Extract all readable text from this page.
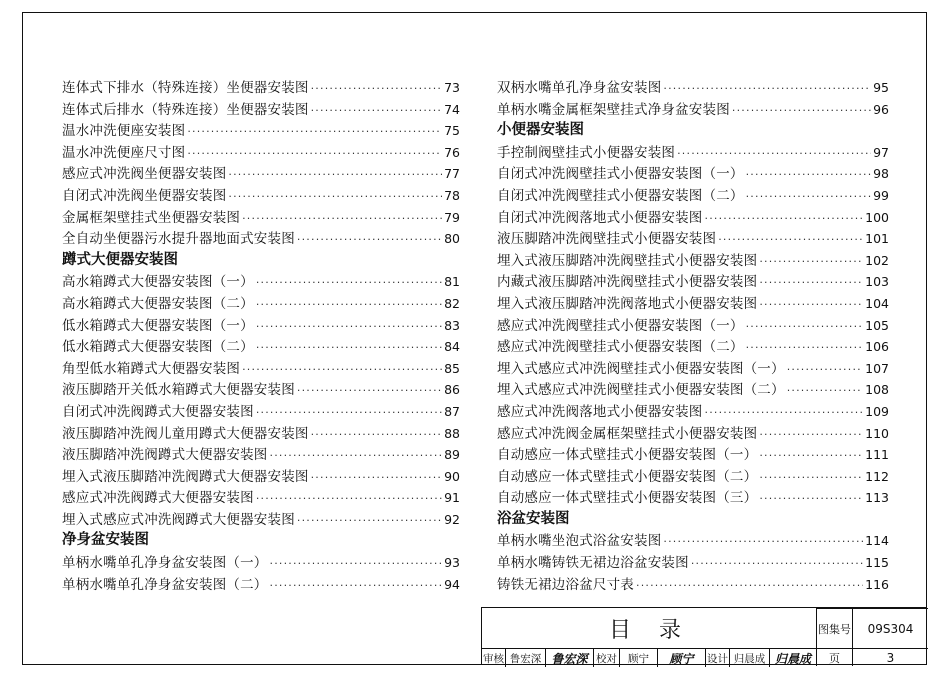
连体式下排水（特殊连接）坐便器安装图 ·····	73
连体式后排水（特殊连接）坐便器安装图 ·····	74
温水冲洗便座安装图 ·····	75
温水冲洗便座尺寸图 ·····	76
感应式冲洗阀坐便器安装图 ·····	77
自闭式冲洗阀坐便器安装图 ·····	78
金属框架壁挂式坐便器安装图 ·····	79
全自动坐便器污水提升器地面式安装图 ·····	80
蹲式大便器安装图
高水箱蹲式大便器安装图（一） ·····	81
高水箱蹲式大便器安装图（二） ·····	82
低水箱蹲式大便器安装图（一） ·····	83
低水箱蹲式大便器安装图（二） ·····	84
角型低水箱蹲式大便器安装图 ·····	85
液压脚踏开关低水箱蹲式大便器安装图 ·····	86
自闭式冲洗阀蹲式大便器安装图 ·····	87
液压脚踏冲洗阀儿童用蹲式大便器安装图 ·····	88
液压脚踏冲洗阀蹲式大便器安装图 ·····	89
埋入式液压脚踏冲洗阀蹲式大便器安装图 ·····	90
感应式冲洗阀蹲式大便器安装图 ·····	91
埋入式感应式冲洗阀蹲式大便器安装图 ·····	92
净身盆安装图
单柄水嘴单孔净身盆安装图（一） ·····	93
单柄水嘴单孔净身盆安装图（二） ·····	94
双柄水嘴单孔净身盆安装图 ·····	95
单柄水嘴金属框架壁挂式净身盆安装图 ·····	96
小便器安装图
手控制阀壁挂式小便器安装图 ·····	97
自闭式冲洗阀壁挂式小便器安装图（一） ·····	98
自闭式冲洗阀壁挂式小便器安装图（二） ·····	99
自闭式冲洗阀落地式小便器安装图 ·····	100
液压脚踏冲洗阀壁挂式小便器安装图 ·····	101
埋入式液压脚踏冲洗阀壁挂式小便器安装图 ·····	102
内藏式液压脚踏冲洗阀壁挂式小便器安装图 ·····	103
埋入式液压脚踏冲洗阀落地式小便器安装图 ·····	104
感应式冲洗阀壁挂式小便器安装图（一） ·····	105
感应式冲洗阀壁挂式小便器安装图（二） ·····	106
埋入式感应式冲洗阀壁挂式小便器安装图（一） ·····	107
埋入式感应式冲洗阀壁挂式小便器安装图（二） ·····	108
感应式冲洗阀落地式小便器安装图 ·····	109
感应式冲洗阀金属框架壁挂式小便器安装图 ·····	110
自动感应一体式壁挂式小便器安装图（一） ·····	111
自动感应一体式壁挂式小便器安装图（二） ·····	112
自动感应一体式壁挂式小便器安装图（三） ·····	113
浴盆安装图
单柄水嘴坐泡式浴盆安装图 ·····	114
单柄水嘴铸铁无裙边浴盆安装图 ·····	115
铸铁无裙边浴盆尺寸表 ·····	116
目录	图集号	09S304
页	3
审核 鲁宏深 鲁宏深 校对	顾宁	顾宁	设计 归晨成 归晨成
